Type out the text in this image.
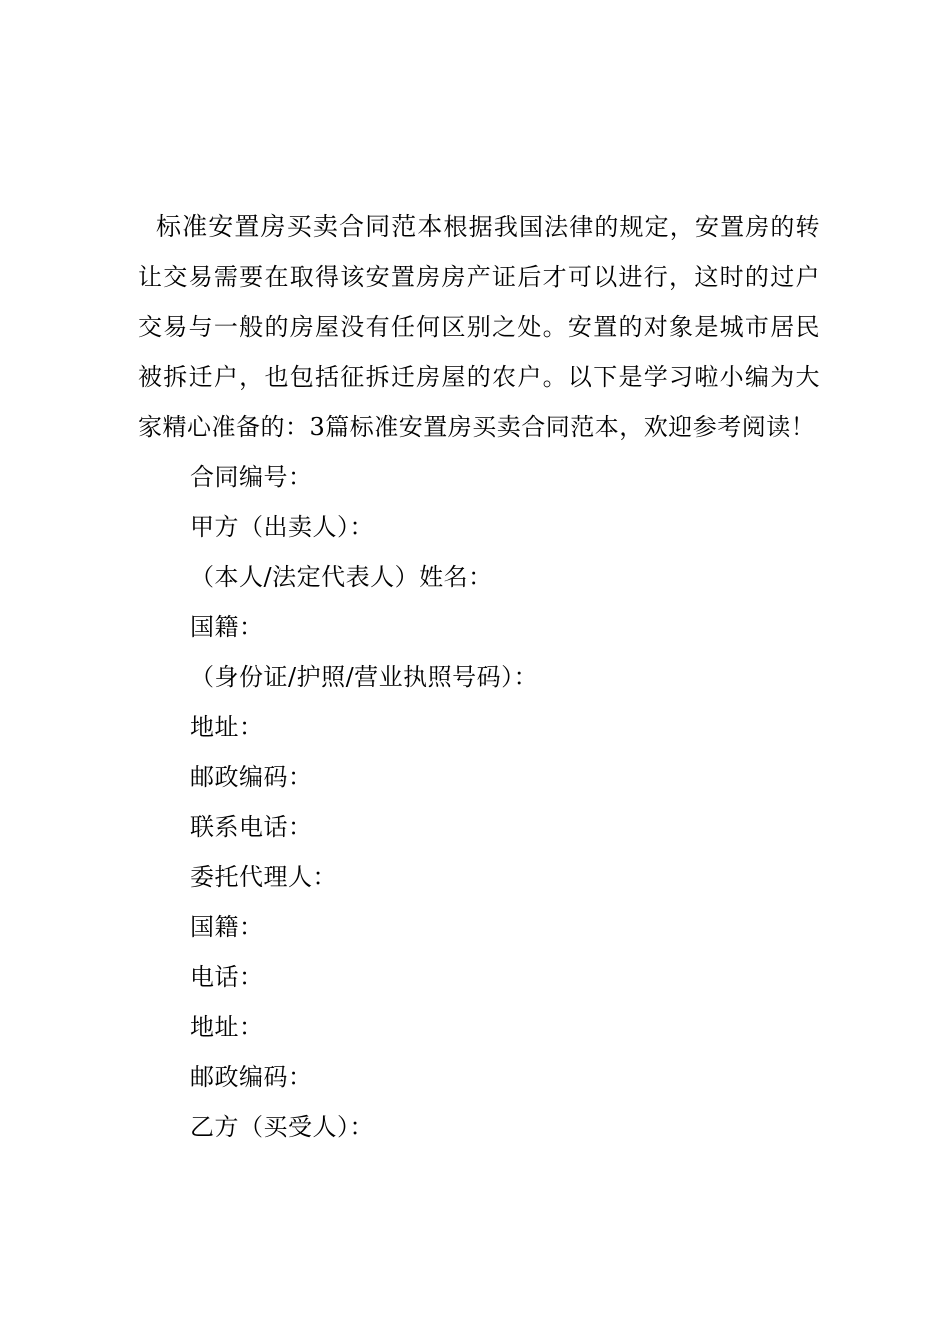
标准安置房买卖合同范本根据我国法律的规定，安置房的转让交易需要在取得该安置房房产证后才可以进行，这时的过户交易与一般的房屋没有任何区别之处。安置的对象是城市居民被拆迁户，也包括征拆迁房屋的农户。以下是学习啦小编为大家精心准备的：3篇标准安置房买卖合同范本，欢迎参考阅读！

合同编号：
甲方（出卖人）：
（本人/法定代表人）姓名：
国籍：
（身份证/护照/营业执照号码）：
地址：
邮政编码：
联系电话：
委托代理人：
国籍：
电话：
地址：
邮政编码：
乙方（买受人）：
